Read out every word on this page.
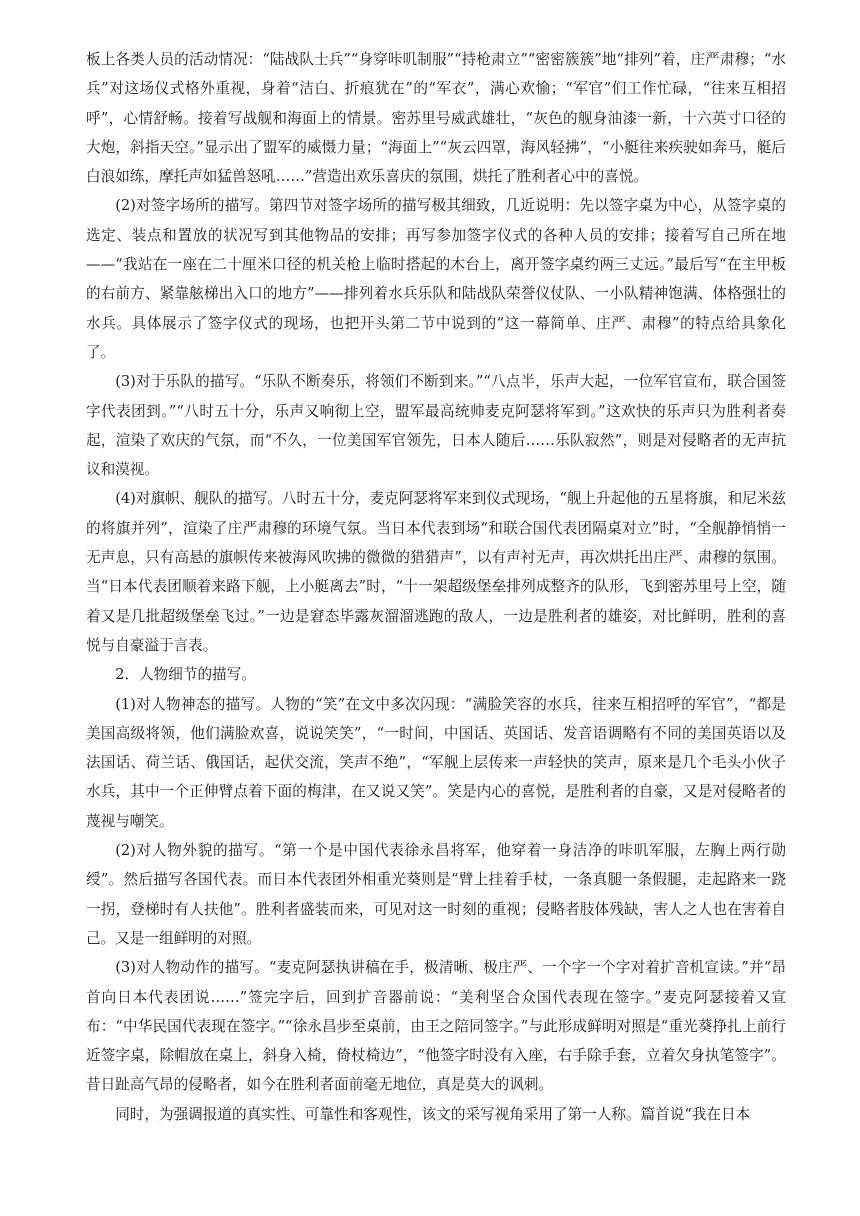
板上各类人员的活动情况：“陆战队士兵”“身穿咔叽制服”“持枪肃立”“密密簇簇”地“排列”着，庄严肃穆；“水兵”对这场仪式格外重视，身着“洁白、折痕犹在”的“军衣”，满心欢愉；“军官”们工作忙碌，“往来互相招呼”，心情舒畅。接着写战舰和海面上的情景。密苏里号威武雄壮，“灰色的舰身油漆一新，十六英寸口径的大炮，斜指天空。”显示出了盟军的威慑力量；“海面上”“灰云四罩，海风轻拂”，“小艇往来疾驶如奔马，艇后白浪如练，摩托声如猛兽怒吼……”营造出欢乐喜庆的氛围，烘托了胜利者心中的喜悦。

(2)对签字场所的描写。第四节对签字场所的描写极其细致，几近说明：先以签字桌为中心，从签字桌的选定、装点和置放的状况写到其他物品的安排；再写参加签字仪式的各种人员的安排；接着写自己所在地——“我站在一座在二十厘米口径的机关枪上临时搭起的木台上，离开签字桌约两三丈远。”最后写“在主甲板的右前方、紧靠舷梯出入口的地方”——排列着水兵乐队和陆战队荣誉仪仗队、一小队精神饱满、体格强壮的水兵。具体展示了签字仪式的现场，也把开头第二节中说到的“这一幕简单、庄严、肃穆”的特点给具象化了。

(3)对于乐队的描写。“乐队不断奏乐，将领们不断到来。”“八点半，乐声大起，一位军官宣布，联合国签字代表团到。”“八时五十分，乐声又响彻上空，盟军最高统帅麦克阿瑟将军到。”这欢快的乐声只为胜利者奏起，渲染了欢庆的气氛，而“不久，一位美国军官领先，日本人随后……乐队寂然”，则是对侵略者的无声抗议和漠视。

(4)对旗帜、舰队的描写。八时五十分，麦克阿瑟将军来到仪式现场，“舰上升起他的五星将旗，和尼米兹的将旗并列”，渲染了庄严肃穆的环境气氛。当日本代表到场“和联合国代表团隔桌对立”时，“全舰静悄悄一无声息，只有高悬的旗帜传来被海风吹拂的微微的猎猎声”，以有声衬无声，再次烘托出庄严、肃穆的氛围。当“日本代表团顺着来路下舰，上小艇离去”时，“十一架超级堡垒排列成整齐的队形，飞到密苏里号上空，随着又是几批超级堡垒飞过。”一边是窘态毕露灰溜溜逃跑的敌人，一边是胜利者的雄姿，对比鲜明，胜利的喜悦与自豪溢于言表。

2．人物细节的描写。

(1)对人物神态的描写。人物的“笑”在文中多次闪现：“满脸笑容的水兵，往来互相招呼的军官”，“都是美国高级将领，他们满脸欢喜，说说笑笑”，“一时间，中国话、英国话、发音语调略有不同的美国英语以及法国话、荷兰话、俄国话，起伏交流，笑声不绝”，“军舰上层传来一声轻快的笑声，原来是几个毛头小伙子水兵，其中一个正伸臂点着下面的梅津，在又说又笑”。笑是内心的喜悦，是胜利者的自豪，又是对侵略者的蔑视与嘲笑。

(2)对人物外貌的描写。“第一个是中国代表徐永昌将军，他穿着一身洁净的咔叽军服，左胸上两行勋绶”。然后描写各国代表。而日本代表团外相重光葵则是“臂上挂着手杖，一条真腿一条假腿，走起路来一跷一拐，登梯时有人扶他”。胜利者盛装而来，可见对这一时刻的重视；侵略者肢体残缺，害人之人也在害着自己。又是一组鲜明的对照。

(3)对人物动作的描写。“麦克阿瑟执讲稿在手，极清晰、极庄严、一个字一个字对着扩音机宣读。”并“昂首向日本代表团说……”签完字后，回到扩音器前说：“美利坚合众国代表现在签字。”麦克阿瑟接着又宣布：“中华民国代表现在签字。”“徐永昌步至桌前，由王之陪同签字。”与此形成鲜明对照是“重光葵挣扎上前行近签字桌，除帽放在桌上，斜身入椅，倚杖椅边”，“他签字时没有入座，右手除手套，立着欠身执笔签字”。昔日趾高气昂的侵略者，如今在胜利者面前毫无地位，真是莫大的讽刺。

同时，为强调报道的真实性、可靠性和客观性，该文的采写视角采用了第一人称。篇首说“我在日本
